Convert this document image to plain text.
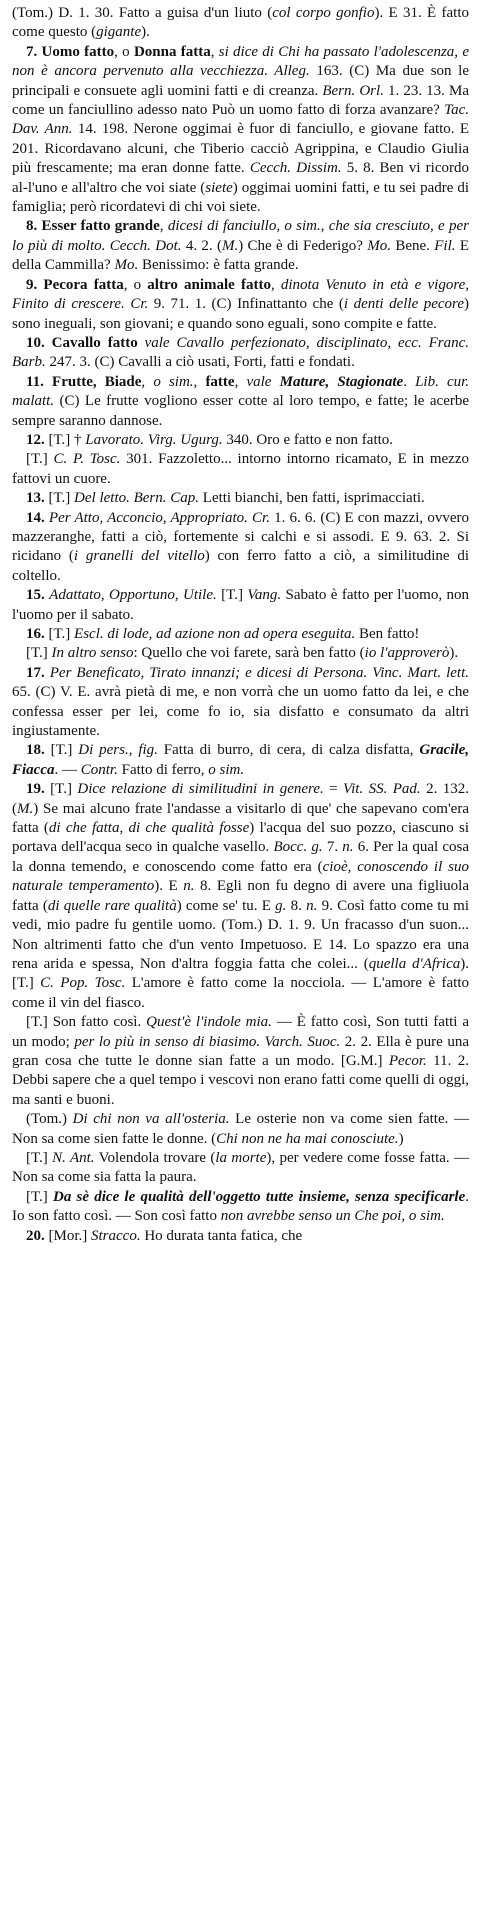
(Tom.) D. 1. 30. Fatto a guisa d'un liuto (col corpo gonfio). E 31. È fatto come questo (gigante).

7. Uomo fatto, o Donna fatta, si dice di Chi ha passato l'adolescenza, e non è ancora pervenuto alla vecchiezza. Alleg. 163. (C) Ma due son le principali e consuete agli uomini fatti e di creanza. Bern. Orl. 1. 23. 13. Ma come un fanciullino adesso nato Può un uomo fatto di forza avanzare? Tac. Dav. Ann. 14. 198. Nerone oggimai è fuor di fanciullo, e giovane fatto. E 201. Ricordavano alcuni, che Tiberio cacciò Agrippina, e Claudio Giulia più frescamente; ma eran donne fatte. Cecch. Dissim. 5. 8. Ben vi ricordo al-l'uno e all'altro che voi siate (siete) oggimai uomini fatti, e tu sei padre di famiglia; però ricordatevi di chi voi siete.

8. Esser fatto grande, dicesi di fanciullo, o sim., che sia cresciuto, e per lo più di molto. Cecch. Dot. 4. 2. (M.) Che è di Federigo? Mo. Bene. Fil. E della Cammilla? Mo. Benissimo: è fatta grande.

9. Pecora fatta, o altro animale fatto, dinota Venuto in età e vigore, Finito di crescere. Cr. 9. 71. 1. (C) Infinattanto che (i denti delle pecore) sono ineguali, son giovani; e quando sono eguali, sono compite e fatte.

10. Cavallo fatto vale Cavallo perfezionato, disciplinato, ecc. Franc. Barb. 247. 3. (C) Cavalli a ciò usati, Forti, fatti e fondati.

11. Frutte, Biade, o sim., fatte, vale Mature, Stagionate. Lib. cur. malatt. (C) Le frutte vogliono esser cotte al loro tempo, e fatte; le acerbe sempre saranno dannose.

12. [T.] † Lavorato. Virg. Ugurg. 340. Oro e fatto e non fatto.

[T.] C. P. Tosc. 301. Fazzoletto... intorno intorno ricamato, E in mezzo fattovi un cuore.

13. [T.] Del letto. Bern. Cap. Letti bianchi, ben fatti, isprimacciati.

14. Per Atto, Acconcio, Appropriato. Cr. 1. 6. 6. (C) E con mazzi, ovvero mazzeranghe, fatti a ciò, fortemente si calchi e si assodi. E 9. 63. 2. Si ricidano (i granelli del vitello) con ferro fatto a ciò, a similitudine di coltello.

15. Adattato, Opportuno, Utile. [T.] Vang. Sabato è fatto per l'uomo, non l'uomo per il sabato.

16. [T.] Escl. di lode, ad azione non ad opera eseguita. Ben fatto!

[T.] In altro senso: Quello che voi farete, sarà ben fatto (io l'approverò).

17. Per Beneficato, Tirato innanzi; e dicesi di Persona. Vinc. Mart. lett. 65. (C) V. E. avrà pietà di me, e non vorrà che un uomo fatto da lei, e che confessa esser per lei, come fo io, sia disfatto e consumato da altri ingiustamente.

18. [T.] Di pers., fig. Fatta di burro, di cera, di calza disfatta, Gracile, Fiacca. — Contr. Fatto di ferro, o sim.

19. [T.] Dice relazione di similitudini in genere. = Vit. SS. Pad. 2. 132. (M.) Se mai alcuno frate l'andasse a visitarlo di que' che sapevano com'era fatta (di che fatta, di che qualità fosse) l'acqua del suo pozzo, ciascuno si portava dell'acqua seco in qualche vasello. Bocc. g. 7. n. 6. Per la qual cosa la donna temendo, e conoscendo come fatto era (cioè, conoscendo il suo naturale temperamento). E n. 8. Egli non fu degno di avere una figliuola fatta (di quelle rare qualità) come se' tu. E g. 8. n. 9. Così fatto come tu mi vedi, mio padre fu gentile uomo. (Tom.) D. 1. 9. Un fracasso d'un suon... Non altrimenti fatto che d'un vento Impetuoso. E 14. Lo spazzo era una rena arida e spessa, Non d'altra foggia fatta che colei... (quella d'Africa). [T.] C. Pop. Tosc. L'amore è fatto come la nocciola. — L'amore è fatto come il vin del fiasco.

[T.] Son fatto così. Quest'è l'indole mia. — È fatto così, Son tutti fatti a un modo; per lo più in senso di biasimo. Varch. Suoc. 2. 2. Ella è pure una gran cosa che tutte le donne sian fatte a un modo. [G.M.] Pecor. 11. 2. Debbi sapere che a quel tempo i vescovi non erano fatti come quelli di oggi, ma santi e buoni.

(Tom.) Di chi non va all'osteria. Le osterie non va come sien fatte. — Non sa come sien fatte le donne. (Chi non ne ha mai conosciute.)

[T.] N. Ant. Volendola trovare (la morte), per vedere come fosse fatta. — Non sa come sia fatta la paura.

[T.] Da sè dice le qualità dell'oggetto tutte insieme, senza specificarle. Io son fatto così. — Son così fatto non avrebbe senso un Che poi, o sim.

20. [Mor.] Stracco. Ho durata tanta fatica, che
